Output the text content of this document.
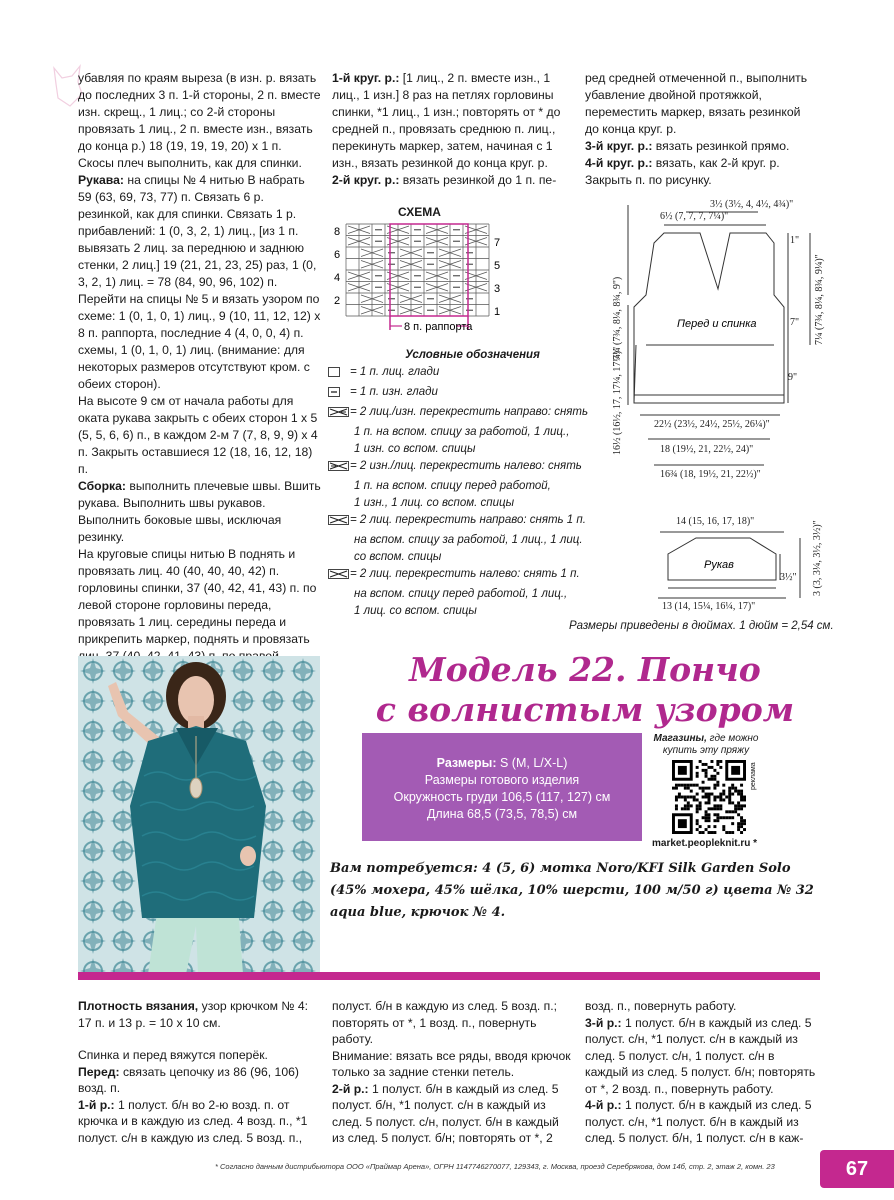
убавляя по краям выреза (в изн. р. вязать до последних 3 п. 1-й стороны, 2 п. вместе изн. скрещ., 1 лиц.; со 2-й стороны провязать 1 лиц., 2 п. вместе изн., вязать до конца р.) 18 (19, 19, 19, 20) х 1 п.

Скосы плеч выполнить, как для спинки.

Рукава: на спицы № 4 нитью В набрать 59 (63, 69, 73, 77) п. Связать 6 р. резинкой, как для спинки. Связать 1 р. прибавлений: 1 (0, 3, 2, 1) лиц., [из 1 п. вывязать 2 лиц. за переднюю и заднюю стенки, 2 лиц.] 19 (21, 21, 23, 25) раз, 1 (0, 3, 2, 1) лиц. = 78 (84, 90, 96, 102) п.

Перейти на спицы № 5 и вязать узором по схеме: 1 (0, 1, 0, 1) лиц., 9 (10, 11, 12, 12) х 8 п. раппорта, последние 4 (4, 0, 0, 4) п. схемы, 1 (0, 1, 0, 1) лиц. (внимание: для некоторых размеров отсутствуют кром. с обеих сторон).

На высоте 9 см от начала работы для оката рукава закрыть с обеих сторон 1 х 5 (5, 5, 6, 6) п., в каждом 2-м 7 (7, 8, 9, 9) х 4 п. Закрыть оставшиеся 12 (18, 16, 12, 18) п.

Сборка: выполнить плечевые швы. Вшить рукава. Выполнить швы рукавов. Выполнить боковые швы, исключая резинку.

На круговые спицы нитью В поднять и провязать лиц. 40 (40, 40, 40, 42) п. горловины спинки, 37 (40, 42, 41, 43) п. по левой стороне горловины переда, провязать 1 лиц. середины переда и прикрепить маркер, поднять и провязать

1-й круг. р.: [1 лиц., 2 п. вместе изн., 1 лиц., 1 изн.] 8 раз на петлях горловины спинки, *1 лиц., 1 изн.; повторять от * до средней п., провязать среднюю п. лиц., перекинуть маркер, затем, начиная с 1 изн., вязать резинкой до конца круг. р.

2-й круг. р.: вязать резинкой до 1 п. пе-

ред средней отмеченной п., выполнить убавление двойной протяжкой, переместить маркер, вязать резинкой до конца круг. р.

3-й круг. р.: вязать резинкой прямо.

4-й круг. р.: вязать, как 2-й круг. р.

Закрыть п. по рисунку.

СХЕМА
8 п. раппорта
8
6
4
2
7
5
3
1
Условные обозначения
= 1 п. лиц. глади
= 1 п. изн. глади
= 2 лиц./изн. перекрестить направо: снять
1 п. на вспом. спицу за работой, 1 лиц.,
1 изн. со вспом. спицы
= 2 изн./лиц. перекрестить налево: снять
1 п. на вспом. спицу перед работой,
1 изн., 1 лиц. со вспом. спицы
= 2 лиц. перекрестить направо: снять 1 п.
на вспом. спицу за работой, 1 лиц., 1 лиц.
со вспом. спицы
= 2 лиц. перекрестить налево: снять 1 п.
на вспом. спицу перед работой, 1 лиц.,
1 лиц. со вспом. спицы
3½ (3½, 4, 4½, 4¾)"
6½ (7, 7, 7, 7¼)"
1"
7"
9"
22½ (23½, 24½, 25½, 26¼)"
18 (19½, 21, 22½, 24)"
16¾ (18, 19½, 21, 22½)"
7¼ (7¾, 8¼, 8¾, 9")
16½ (16½, 17, 17¼, 17¼)"
7¼ (7¾, 8¼, 8¾, 9¼)"
Перед и спинка
14 (15, 16, 17, 18)"
13 (14, 15¼, 16¼, 17)"
3½" 3 (3, 3¼, 3½, 3½)"
Рукав
Размеры приведены в дюймах. 1 дюйм = 2,54 см.
Модель 22. Пончо
с волнистым узором
Размеры: S (M, L/X-L)
Размеры готового изделия
Окружность груди 106,5 (117, 127) см
Длина 68,5 (73,5, 78,5) см
Магазины, где можно купить эту пряжу
реклама
market.peopleknit.ru *
Вам потребуется: 4 (5, 6) мотка Noro/KFI Silk Garden Solo (45% мохера, 45% шёлка, 10% шерсти, 100 м/50 г) цвета № 32 aqua blue, крючок № 4.

Плотность вязания, узор крючком № 4: 17 п. и 13 р. = 10 х 10 см.

Спинка и перед вяжутся поперёк.

Перед: связать цепочку из 86 (96, 106) возд. п.

1-й р.: 1 полуст. б/н во 2-ю возд. п. от крючка и в каждую из след. 4 возд. п., *1 полуст. с/н в каждую из след. 5 возд. п.,

полуст. б/н в каждую из след. 5 возд. п.; повторять от *, 1 возд. п., повернуть работу.

Внимание: вязать все ряды, вводя крючок только за задние стенки петель.

2-й р.: 1 полуст. б/н в каждый из след. 5 полуст. б/н, *1 полуст. с/н в каждый из след. 5 полуст. с/н, полуст. б/н в каждый из след. 5 полуст. б/н; повторять от *, 2

возд. п., повернуть работу.

3-й р.: 1 полуст. б/н в каждый из след. 5 полуст. с/н, *1 полуст. с/н в каждый из след. 5 полуст. с/н, 1 полуст. с/н в каждый из след. 5 полуст. б/н; повторять от *, 2 возд. п., повернуть работу.

4-й р.: 1 полуст. б/н в каждый из след. 5 полуст. с/н, *1 полуст. б/н в каждый из след. 5 полуст. б/н, 1 полуст. с/н в каж-

* Согласно данным дистрибьютора ООО «Праймар Арена», ОГРН 1147746270077, 129343, г. Москва, проезд Серебрякова, дом 14б, стр. 2, этаж 2, комн. 23	67
